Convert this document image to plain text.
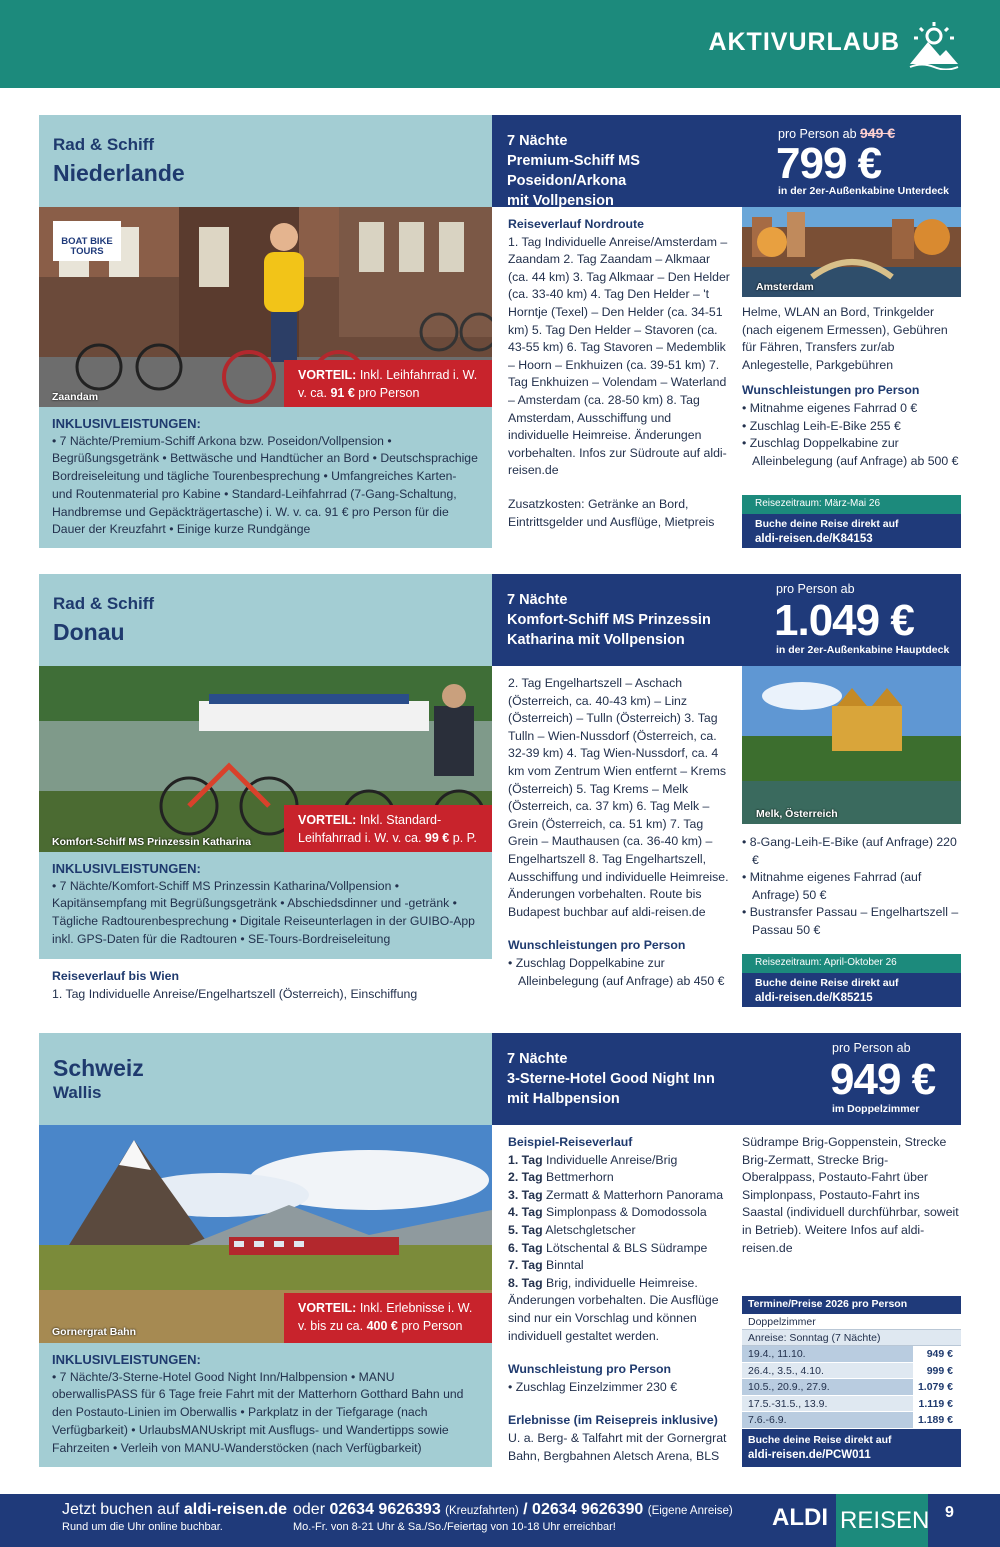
AKTIVURLAUB
Rad & Schiff
Niederlande
7 Nächte
Premium-Schiff MS Poseidon/Arkona
mit Vollpension
pro Person ab 949 €
799 €
in der 2er-Außenkabine Unterdeck
BOAT BIKE TOURS
Zaandam
VORTEIL: Inkl. Leihfahrrad i. W. v. ca. 91 € pro Person
INKLUSIVLEISTUNGEN:
• 7 Nächte/Premium-Schiff Arkona bzw. Poseidon/Vollpension • Begrüßungsgetränk • Bettwäsche und Handtücher an Bord • Deutschsprachige Bordreiseleitung und tägliche Tourenbesprechung • Umfangreiches Karten- und Routenmaterial pro Kabine • Standard-Leihfahrrad (7-Gang-Schaltung, Handbremse und Gepäckträgertasche) i. W. v. ca. 91 € pro Person für die Dauer der Kreuzfahrt • Einige kurze Rundgänge
Reiseverlauf Nordroute
1. Tag Individuelle Anreise/Amsterdam – Zaandam 2. Tag Zaandam – Alkmaar (ca. 44 km) 3. Tag Alkmaar – Den Helder (ca. 33-40 km) 4. Tag Den Helder – 't Horntje (Texel) – Den Helder (ca. 34-51 km) 5. Tag Den Helder – Stavoren (ca. 43-55 km) 6. Tag Stavoren – Medemblik – Hoorn – Enkhuizen (ca. 39-51 km) 7. Tag Enkhuizen – Volendam – Waterland – Amsterdam (ca. 28-50 km) 8. Tag Amsterdam, Ausschiffung und individuelle Heimreise. Änderungen vorbehalten. Infos zur Südroute auf aldi-reisen.de
Zusatzkosten: Getränke an Bord, Eintrittsgelder und Ausflüge, Mietpreis
Amsterdam
Helme, WLAN an Bord, Trinkgelder (nach eigenem Ermessen), Gebühren für Fähren, Transfers zur/ab Anlegestelle, Parkgebühren
Wunschleistungen pro Person
• Mitnahme eigenes Fahrrad 0 €
• Zuschlag Leih-E-Bike 255 €
• Zuschlag Doppelkabine zur Alleinbelegung (auf Anfrage) ab 500 €
Reisezeitraum: März-Mai 26
Buche deine Reise direkt auf
aldi-reisen.de/K84153
Rad & Schiff
Donau
7 Nächte
Komfort-Schiff MS Prinzessin
Katharina mit Vollpension
pro Person ab
1.049 €
in der 2er-Außenkabine Hauptdeck
Komfort-Schiff MS Prinzessin Katharina
VORTEIL: Inkl. Standard-Leihfahrrad i. W. v. ca. 99 € p. P.
INKLUSIVLEISTUNGEN:
• 7 Nächte/Komfort-Schiff MS Prinzessin Katharina/Vollpension • Kapitänsempfang mit Begrüßungsgetränk • Abschiedsdinner und -getränk • Tägliche Radtourenbesprechung • Digitale Reiseunterlagen in der GUIBO-App inkl. GPS-Daten für die Radtouren • SE-Tours-Bordreiseleitung
Reiseverlauf bis Wien
1. Tag Individuelle Anreise/Engelhartszell (Österreich), Einschiffung
2. Tag Engelhartszell – Aschach (Österreich, ca. 40-43 km) – Linz (Österreich) – Tulln (Österreich) 3. Tag Tulln – Wien-Nussdorf (Österreich, ca. 32-39 km) 4. Tag Wien-Nussdorf, ca. 4 km vom Zentrum Wien entfernt – Krems (Österreich) 5. Tag Krems – Melk (Österreich, ca. 37 km) 6. Tag Melk – Grein (Österreich, ca. 51 km) 7. Tag Grein – Mauthausen (ca. 36-40 km) – Engelhartszell 8. Tag Engelhartszell, Ausschiffung und individuelle Heimreise. Änderungen vorbehalten. Route bis Budapest buchbar auf aldi-reisen.de
Wunschleistungen pro Person
• Zuschlag Doppelkabine zur Alleinbelegung (auf Anfrage) ab 450 €
Melk, Österreich
• 8-Gang-Leih-E-Bike (auf Anfrage) 220 €
• Mitnahme eigenes Fahrrad (auf Anfrage) 50 €
• Bustransfer Passau – Engelhartszell – Passau 50 €
Reisezeitraum: April-Oktober 26
Buche deine Reise direkt auf
aldi-reisen.de/K85215
Schweiz
Wallis
7 Nächte
3-Sterne-Hotel Good Night Inn
mit Halbpension
pro Person ab
949 €
im Doppelzimmer
Gornergrat Bahn
VORTEIL: Inkl. Erlebnisse i. W. v. bis zu ca. 400 € pro Person
INKLUSIVLEISTUNGEN:
• 7 Nächte/3-Sterne-Hotel Good Night Inn/Halbpension • MANU oberwallisPASS für 6 Tage freie Fahrt mit der Matterhorn Gotthard Bahn und den Postauto-Linien im Oberwallis • Parkplatz in der Tiefgarage (nach Verfügbarkeit) • UrlaubsMANUskript mit Ausflugs- und Wandertipps sowie Fahrzeiten • Verleih von MANU-Wanderstöcken (nach Verfügbarkeit)
Beispiel-Reiseverlauf
1. Tag Individuelle Anreise/Brig
2. Tag Bettmerhorn
3. Tag Zermatt & Matterhorn Panorama
4. Tag Simplonpass & Domodossola
5. Tag Aletschgletscher
6. Tag Lötschental & BLS Südrampe
7. Tag Binntal
8. Tag Brig, individuelle Heimreise.
Änderungen vorbehalten. Die Ausflüge sind nur ein Vorschlag und können individuell gestaltet werden.
Wunschleistung pro Person
• Zuschlag Einzelzimmer 230 €
Erlebnisse (im Reisepreis inklusive)
U. a. Berg- & Talfahrt mit der Gornergrat Bahn, Bergbahnen Aletsch Arena, BLS
Südrampe Brig-Goppenstein, Strecke Brig-Zermatt, Strecke Brig-Oberalppass, Postauto-Fahrt über Simplonpass, Postauto-Fahrt ins Saastal (individuell durchführbar, soweit in Betrieb). Weitere Infos auf aldi-reisen.de
Termine/Preise 2026 pro Person
Doppelzimmer
Anreise: Sonntag (7 Nächte)
19.4., 11.10.	949 €
26.4., 3.5., 4.10.	999 €
10.5., 20.9., 27.9.	1.079 €
17.5.-31.5., 13.9.	1.119 €
7.6.-6.9.	1.189 €
Buche deine Reise direkt auf
aldi-reisen.de/PCW011
Jetzt buchen auf aldi-reisen.de
Rund um die Uhr online buchbar.
oder 02634 9626393 (Kreuzfahrten) / 02634 9626390 (Eigene Anreise)
Mo.-Fr. von 8-21 Uhr & Sa./So./Feiertag von 10-18 Uhr erreichbar!	ALDI REISEN 9
